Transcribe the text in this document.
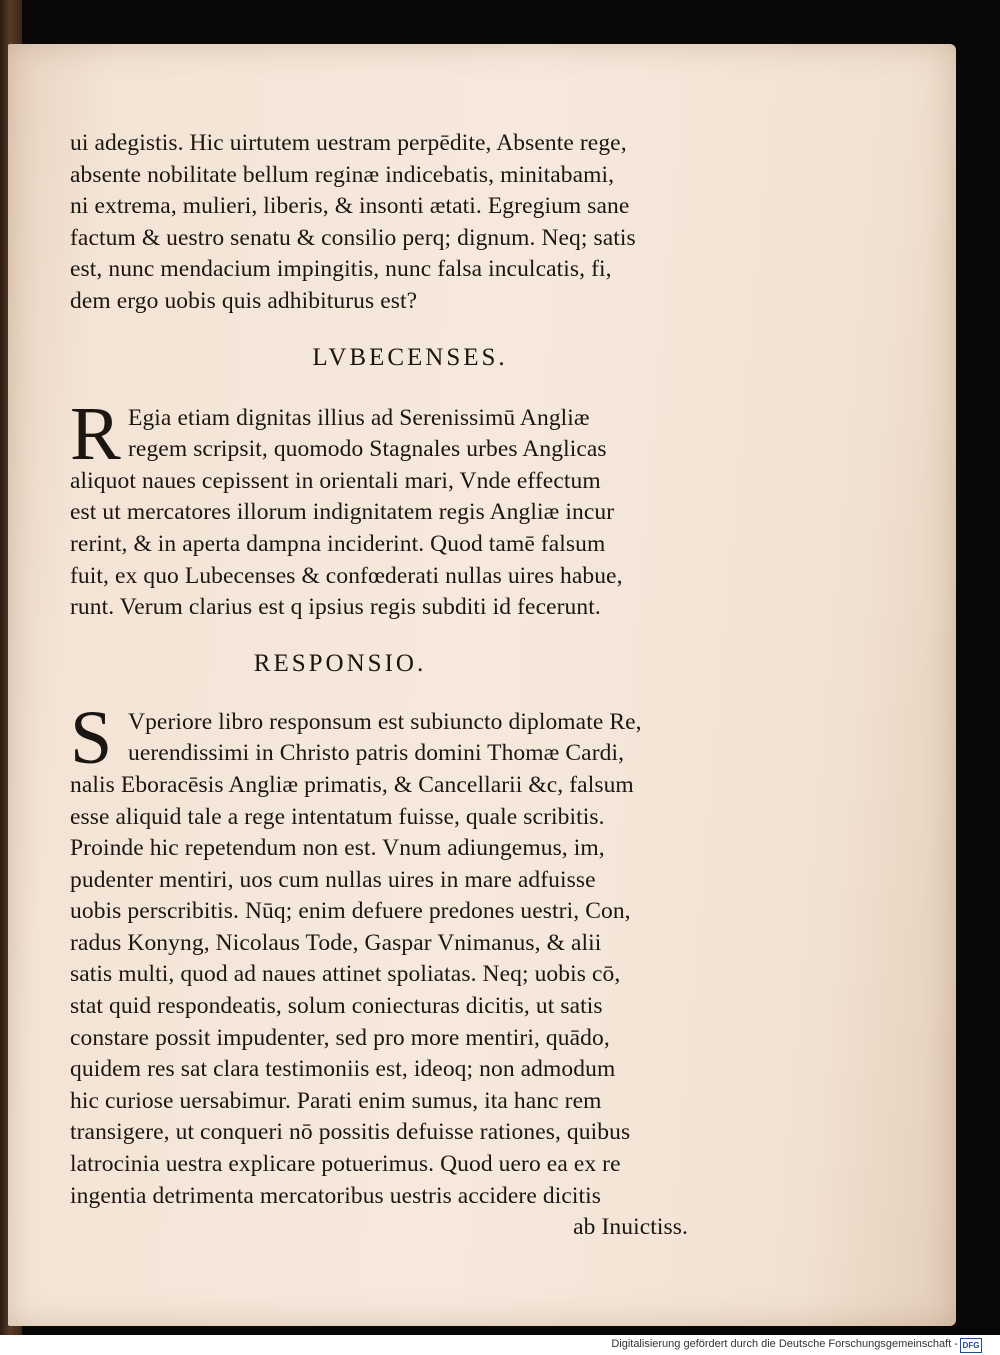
ui adegistis. Hic uirtutem uestram perpēdite, Absente rege,
absente nobilitate bellum reginæ indicebatis, minitabami,
ni extrema, mulieri, liberis, & insonti ætati. Egregium sane
factum & uestro senatu & consilio perq; dignum. Neq; satis
est, nunc mendacium impingitis, nunc falsa inculcatis, fi,
dem ergo uobis quis adhibiturus est?
LVBECENSES.
R Egia etiam dignitas illius ad Serenissimū Angliæ
regem scripsit, quomodo Stagnales urbes Anglicas
aliquot naues cepissent in orientali mari, Vnde effectum
est ut mercatores illorum indignitatem regis Angliæ incur
rerint, & in aperta dampna inciderint. Quod tamē falsum
fuit, ex quo Lubecenses & confœderati nullas uires habue,
runt. Verum clarius est q ipsius regis subditi id fecerunt.
RESPONSIO.
S Vperiore libro responsum est subiuncto diplomate Re,
uerendissimi in Christo patris domini Thomæ Cardi,
nalis Eboracēsis Angliæ primatis, & Cancellarii &c, falsum
esse aliquid tale a rege intentatum fuisse, quale scribitis.
Proinde hic repetendum non est. Vnum adiungemus, im,
pudenter mentiri, uos cum nullas uires in mare adfuisse
uobis perscribitis. Nūq; enim defuere predones uestri, Con,
radus Konyng, Nicolaus Tode, Gaspar Vnimanus, & alii
satis multi, quod ad naues attinet spoliatas. Neq; uobis cō,
stat quid respondeatis, solum coniecturas dicitis, ut satis
constare possit impudenter, sed pro more mentiri, quādo,
quidem res sat clara testimoniis est, ideoq; non admodum
hic curiose uersabimur. Parati enim sumus, ita hanc rem
transigere, ut conqueri nō possitis defuisse rationes, quibus
latrocinia uestra explicare potuerimus. Quod uero ea ex re
ingentia detrimenta mercatoribus uestris accidere dicitis
ab Inuictiss.
Digitalisierung gefördert durch die Deutsche Forschungsgemeinschaft - DFG
